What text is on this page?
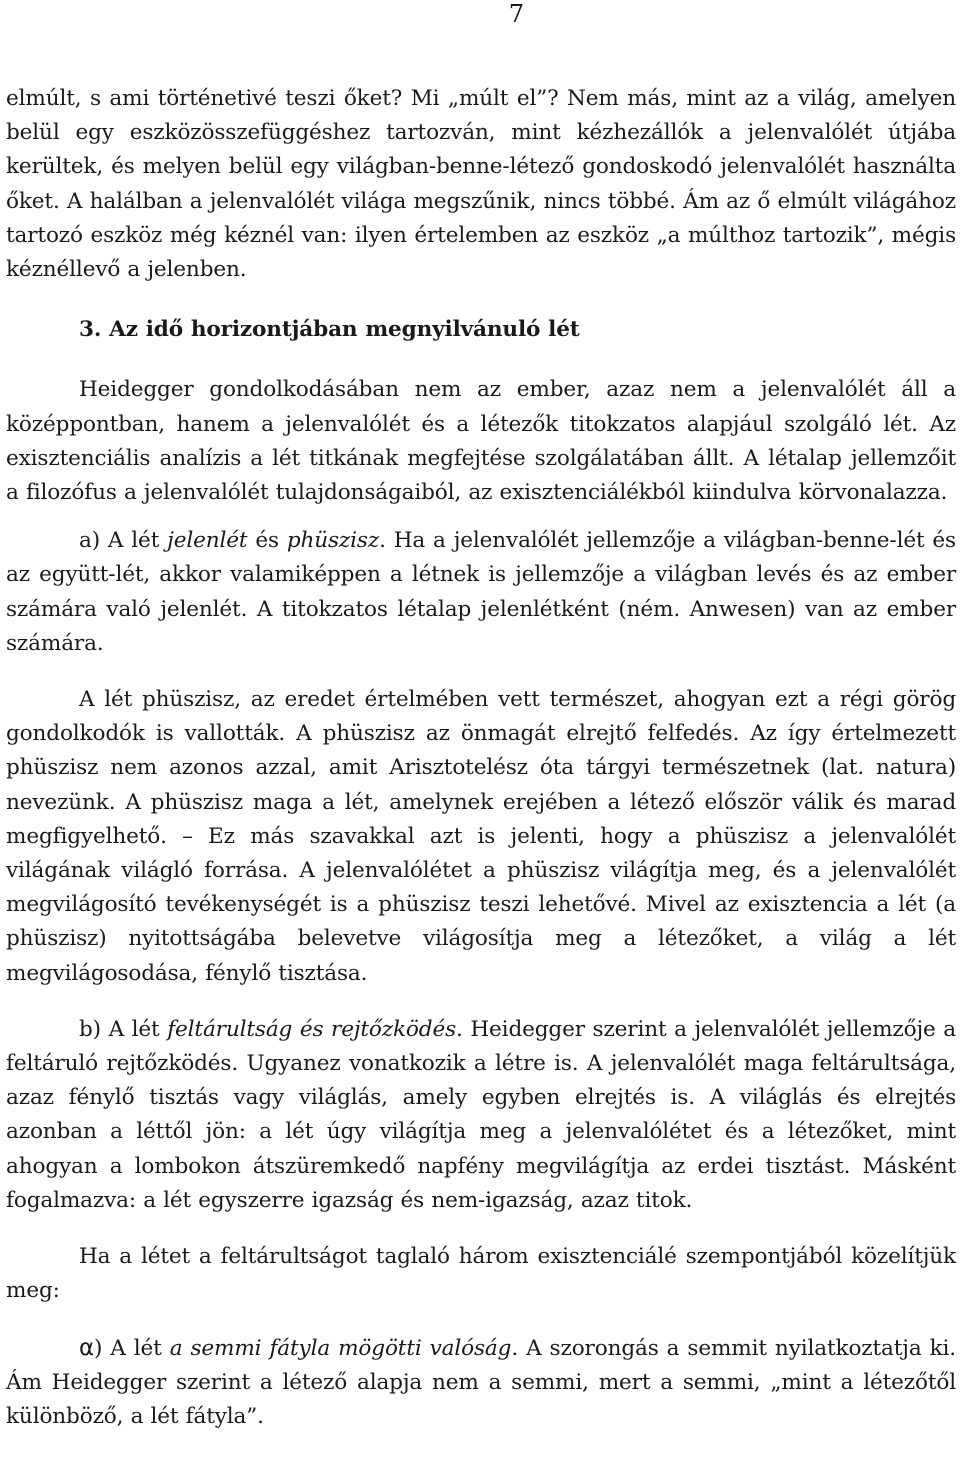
7

elmúlt, s ami történetivé teszi őket? Mi „múlt el”? Nem más, mint az a világ, amelyen belül egy eszközösszefüggéshez tartozván, mint kézhezállók a jelenvalólét útjába kerültek, és melyen belül egy világban-benne-létező gondoskodó jelenvalólét használta őket. A halálban a jelenvalólét világa megszűnik, nincs többé. Ám az ő elmúlt világához tartozó eszköz még kéznél van: ilyen értelemben az eszköz „a múlthoz tartozik”, mégis kéznéllevő a jelenben.

3. Az idő horizontjában megnyilvánuló lét

Heidegger gondolkodásában nem az ember, azaz nem a jelenvalólét áll a középpontban, hanem a jelenvalólét és a létezők titokzatos alapjául szolgáló lét. Az exisztenciális analízis a lét titkának megfejtése szolgálatában állt. A létalap jellemzőit a filozófus a jelenvalólét tulajdonságaiból, az exisztenciálékból kiindulva körvonalazza.

a) A lét jelenlét és phüszisz. Ha a jelenvalólét jellemzője a világban-benne-lét és az együtt-lét, akkor valamiképpen a létnek is jellemzője a világban levés és az ember számára való jelenlét. A titokzatos létalap jelenlétként (ném. Anwesen) van az ember számára.

A lét phüszisz, az eredet értelmében vett természet, ahogyan ezt a régi görög gondolkodók is vallották. A phüszisz az önmagát elrejtő felfedés. Az így értelmezett phüszisz nem azonos azzal, amit Arisztotelész óta tárgyi természetnek (lat. natura) nevezünk. A phüszisz maga a lét, amelynek erejében a létező először válik és marad megfigyelhető. – Ez más szavakkal azt is jelenti, hogy a phüszisz a jelenvalólét világának világló forrása. A jelenvalólétet a phüszisz világítja meg, és a jelenvalólét megvilágosító tevékenységét is a phüszisz teszi lehetővé. Mivel az exisztencia a lét (a phüszisz) nyitottságába belevetve világosítja meg a létezőket, a világ a lét megvilágosodása, fénylő tisztása.

b) A lét feltárultság és rejtőzködés. Heidegger szerint a jelenvalólét jellemzője a feltáruló rejtőzködés. Ugyanez vonatkozik a létre is. A jelenvalólét maga feltárultsága, azaz fénylő tisztás vagy világlás, amely egyben elrejtés is. A világlás és elrejtés azonban a léttől jön: a lét úgy világítja meg a jelenvalólétet és a létezőket, mint ahogyan a lombokon átszüremkedő napfény megvilágítja az erdei tisztást. Másként fogalmazva: a lét egyszerre igazság és nem-igazság, azaz titok.

Ha a létet a feltárultságot taglaló három exisztenciálé szempontjából közelítjük meg:

α) A lét a semmi fátyla mögötti valóság. A szorongás a semmit nyilatkoztatja ki. Ám Heidegger szerint a létező alapja nem a semmi, mert a semmi, „mint a létezőtől különböző, a lét fátyla”.
